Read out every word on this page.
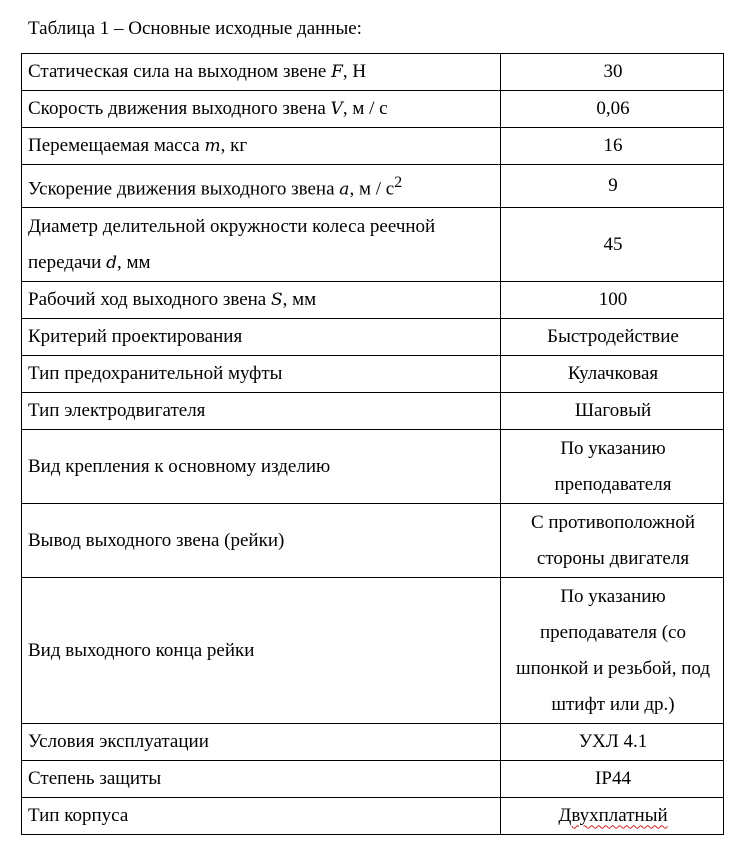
Таблица 1 – Основные исходные данные:
Статическая сила на выходном звене F, Н	30
Скорость движения выходного звена V, м / с	0,06
Перемещаемая масса m, кг	16
Ускорение движения выходного звена a, м / $с^2$	9
Диаметр делительной окружности колеса реечной передачи d, мм	45
Рабочий ход выходного звена S, мм	100
Критерий проектирования	Быстродействие
Тип предохранительной муфты	Кулачковая
Тип электродвигателя	Шаговый
Вид крепления к основному изделию	По указанию преподавателя
Вывод выходного звена (рейки)	С противоположной стороны двигателя
Вид выходного конца рейки	По указанию преподавателя (со шпонкой и резьбой, под штифт или др.)
Условия эксплуатации	УХЛ 4.1
Степень защиты	IP44
Тип корпуса	Двухплатный
